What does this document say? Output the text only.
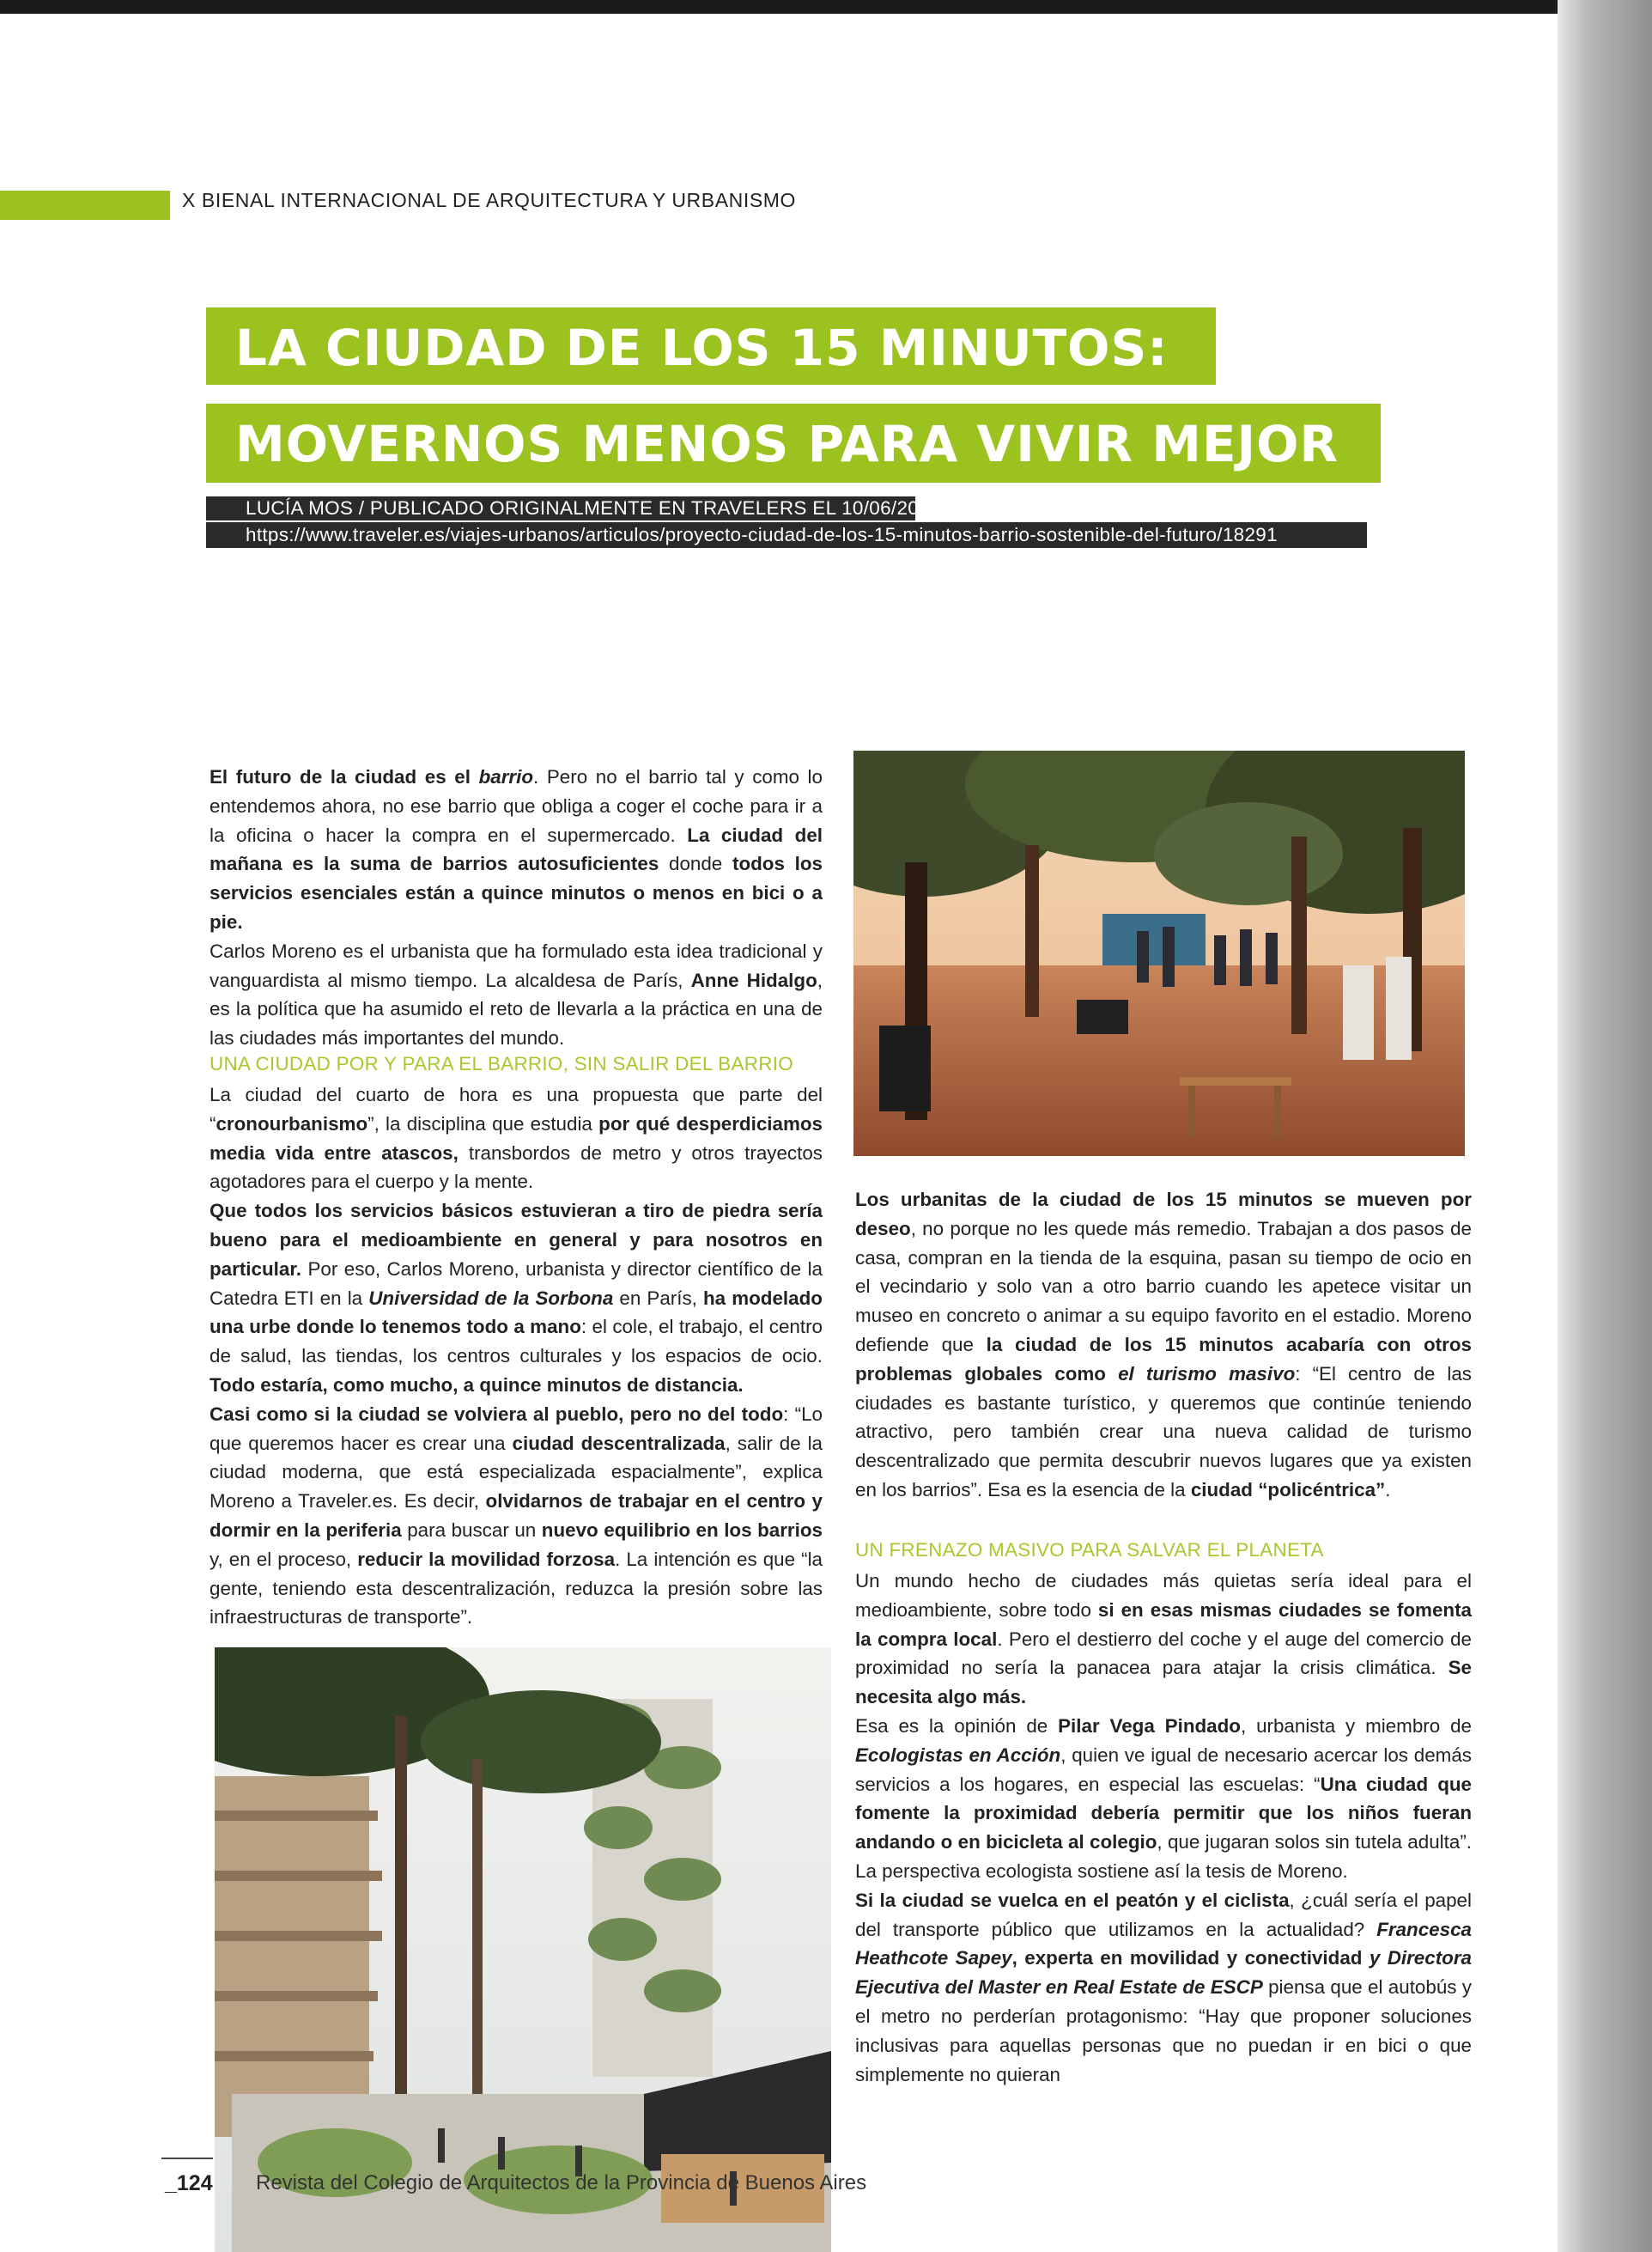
X BIENAL INTERNACIONAL DE ARQUITECTURA Y URBANISMO
LA CIUDAD DE LOS 15 MINUTOS:
MOVERNOS MENOS PARA VIVIR MEJOR
LUCÍA MOS / PUBLICADO ORIGINALMENTE EN TRAVELERS EL 10/06/20
https://www.traveler.es/viajes-urbanos/articulos/proyecto-ciudad-de-los-15-minutos-barrio-sostenible-del-futuro/18291

El futuro de la ciudad es el barrio. Pero no el barrio tal y como lo entendemos ahora, no ese barrio que obliga a coger el coche para ir a la oficina o hacer la compra en el supermercado. La ciudad del mañana es la suma de barrios autosuficientes donde todos los servicios esenciales están a quince minutos o menos en bici o a pie.

Carlos Moreno es el urbanista que ha formulado esta idea tradicional y vanguardista al mismo tiempo. La alcaldesa de París, Anne Hidalgo, es la política que ha asumido el reto de llevarla a la práctica en una de las ciudades más importantes del mundo.

UNA CIUDAD POR Y PARA EL BARRIO, SIN SALIR DEL BARRIO

La ciudad del cuarto de hora es una propuesta que parte del “cronourbanismo”, la disciplina que estudia por qué desperdiciamos media vida entre atascos, transbordos de metro y otros trayectos agotadores para el cuerpo y la mente.

Que todos los servicios básicos estuvieran a tiro de piedra sería bueno para el medioambiente en general y para nosotros en particular. Por eso, Carlos Moreno, urbanista y director científico de la Catedra ETI en la Universidad de la Sorbona en París, ha modelado una urbe donde lo tenemos todo a mano: el cole, el trabajo, el centro de salud, las tiendas, los centros culturales y los espacios de ocio. Todo estaría, como mucho, a quince minutos de distancia.

Casi como si la ciudad se volviera al pueblo, pero no del todo: “Lo que queremos hacer es crear una ciudad descentralizada, salir de la ciudad moderna, que está especializada espacialmente”, explica Moreno a Traveler.es. Es decir, olvidarnos de trabajar en el centro y dormir en la periferia para buscar un nuevo equilibrio en los barrios y, en el proceso, reducir la movilidad forzosa. La intención es que “la gente, teniendo esta descentralización, reduzca la presión sobre las infraestructuras de transporte”.

Los urbanitas de la ciudad de los 15 minutos se mueven por deseo, no porque no les quede más remedio. Trabajan a dos pasos de casa, compran en la tienda de la esquina, pasan su tiempo de ocio en el vecindario y solo van a otro barrio cuando les apetece visitar un museo en concreto o animar a su equipo favorito en el estadio. Moreno defiende que la ciudad de los 15 minutos acabaría con otros problemas globales como el turismo masivo: “El centro de las ciudades es bastante turístico, y queremos que continúe teniendo atractivo, pero también crear una nueva calidad de turismo descentralizado que permita descubrir nuevos lugares que ya existen en los barrios”. Esa es la esencia de la ciudad “policéntrica”.

UN FRENAZO MASIVO PARA SALVAR EL PLANETA

Un mundo hecho de ciudades más quietas sería ideal para el medioambiente, sobre todo si en esas mismas ciudades se fomenta la compra local. Pero el destierro del coche y el auge del comercio de proximidad no sería la panacea para atajar la crisis climática. Se necesita algo más.

Esa es la opinión de Pilar Vega Pindado, urbanista y miembro de Ecologistas en Acción, quien ve igual de necesario acercar los demás servicios a los hogares, en especial las escuelas: “Una ciudad que fomente la proximidad debería permitir que los niños fueran andando o en bicicleta al colegio, que jugaran solos sin tutela adulta”. La perspectiva ecologista sostiene así la tesis de Moreno.

Si la ciudad se vuelca en el peatón y el ciclista, ¿cuál sería el papel del transporte público que utilizamos en la actualidad? Francesca Heathcote Sapey, experta en movilidad y conectividad y Directora Ejecutiva del Master en Real Estate de ESCP piensa que el autobús y el metro no perderían protagonismo: “Hay que proponer soluciones inclusivas para aquellas personas que no puedan ir en bici o que simplemente no quieran

_124 Revista del Colegio de Arquitectos de la Provincia de Buenos Aires
